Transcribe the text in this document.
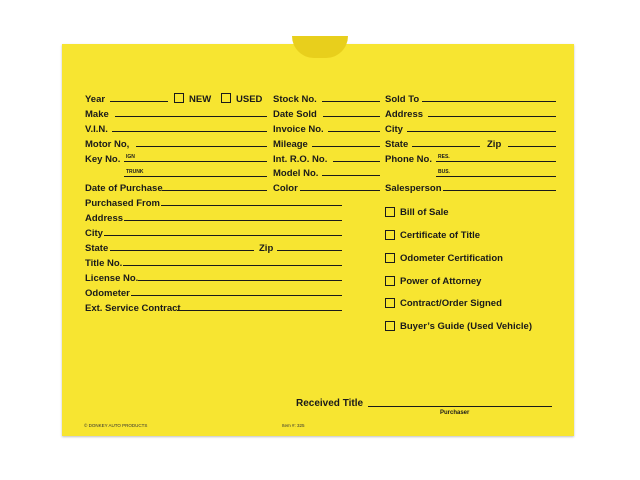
Year	NEW	USED
Make
V.I.N.
Motor No,
Key No. IGN
TRUNK
Date of Purchase
Stock No.
Date Sold
Invoice No.
Mileage
Int. R.O. No.
Model No.
Color
Sold To
Address
City
State	Zip
Phone No. RES.
BUS.
Salesperson
Purchased From
Address
City
State	Zip
Title No.
License No.
Odometer
Ext. Service Contract
Bill of Sale
Certificate of Title
Odometer Certification
Power of Attorney
Contract/Order Signed
Buyer’s Guide (Used Vehicle)
Received Title
Purchaser
© DONKEY AUTO PRODUCTS	Item #: 325
